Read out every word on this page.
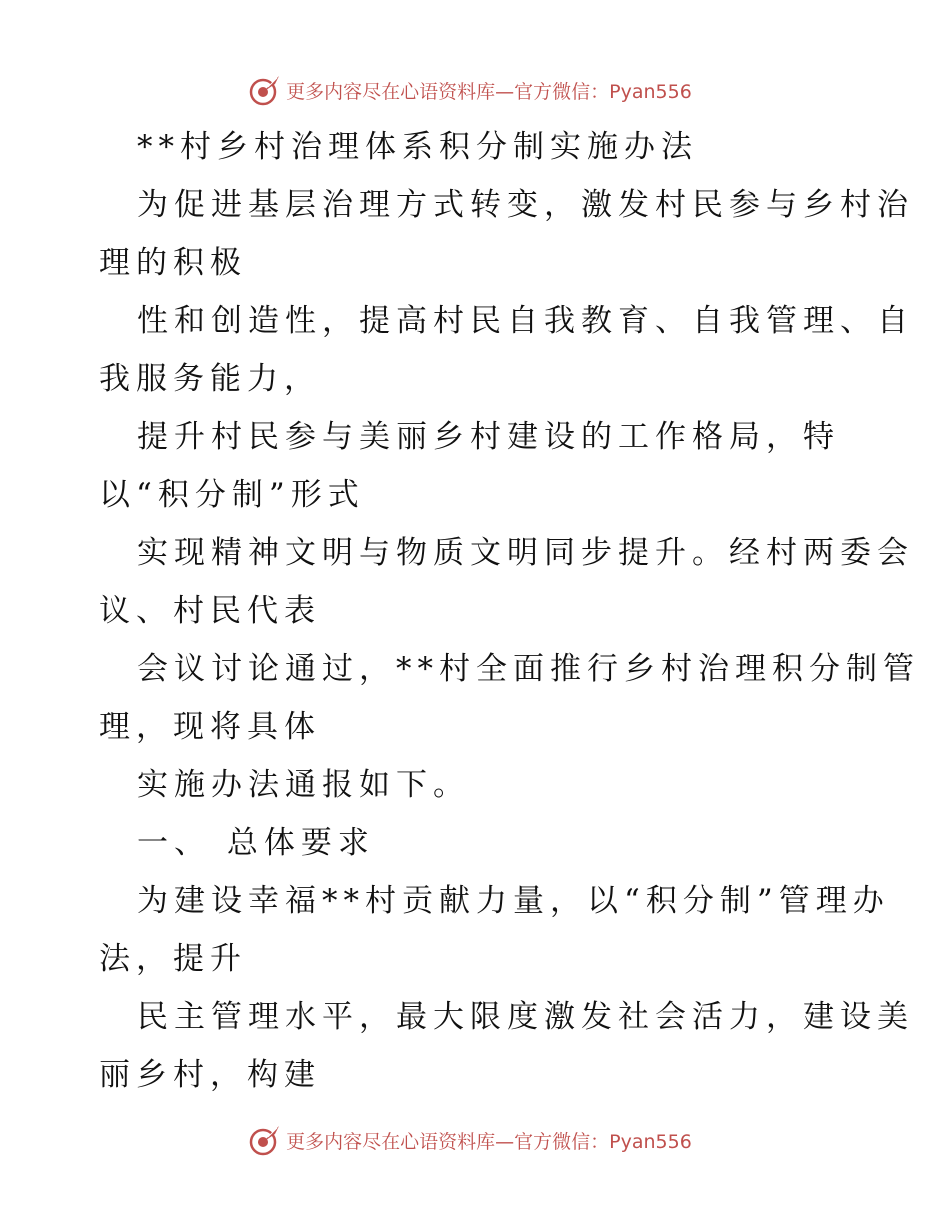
更多内容尽在心语资料库—官方微信：Pyan556
**村乡村治理体系积分制实施办法
为促进基层治理方式转变，激发村民参与乡村治
理的积极
性和创造性，提高村民自我教育、自我管理、自
我服务能力，
提升村民参与美丽乡村建设的工作格局，特
以“积分制”形式
实现精神文明与物质文明同步提升。经村两委会
议、村民代表
会议讨论通过，**村全面推行乡村治理积分制管
理，现将具体
实施办法通报如下。
一、 总体要求
为建设幸福**村贡献力量，以“积分制”管理办
法，提升
民主管理水平，最大限度激发社会活力，建设美
丽乡村，构建
更多内容尽在心语资料库—官方微信：Pyan556
